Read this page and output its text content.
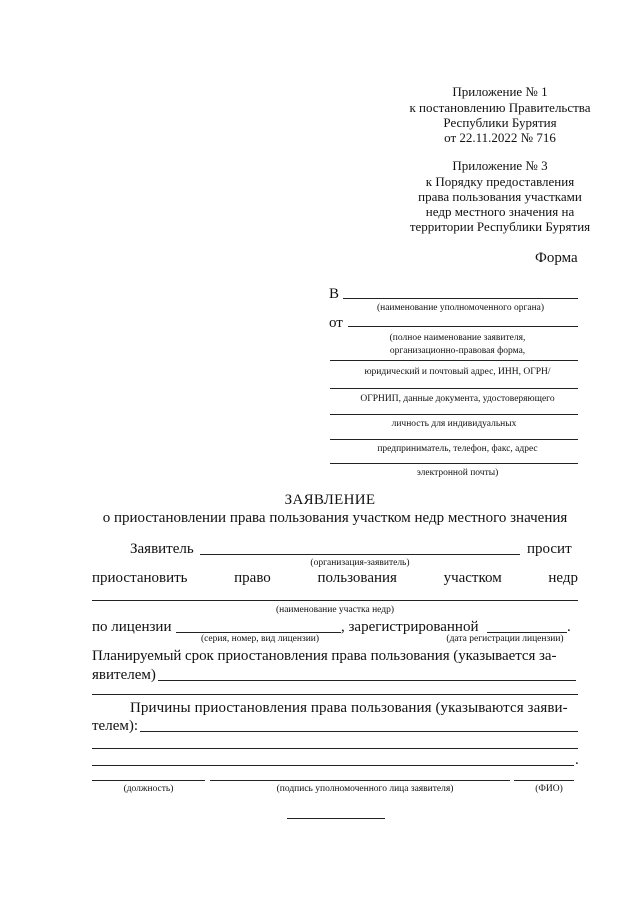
Приложение № 1
к постановлению Правительства
Республики Бурятия
от 22.11.2022 № 716
Приложение № 3
к Порядку предоставления
права пользования участками
недр местного значения на
территории Республики Бурятия
Форма
В
(наименование уполномоченного органа)
от
(полное наименование заявителя,
организационно-правовая форма,
юридический и почтовый адрес, ИНН, ОГРН/
ОГРНИП, данные документа, удостоверяющего
личность для индивидуальных
предприниматель, телефон, факс, адрес
электронной почты)
ЗАЯВЛЕНИЕ
о приостановлении права пользования участком недр местного значения
Заявитель	просит
(организация-заявитель)
приостановить	право	пользования	участком	недр
(наименование участка недр)
по лицензии	, зарегистрированной	.
(серия, номер, вид лицензии)	(дата регистрации лицензии)
Планируемый срок приостановления права пользования (указывается за-
явителем)
Причины приостановления права пользования (указываются заяви-
телем):
.
(должность)	(подпись уполномоченного лица заявителя)	(ФИО)
